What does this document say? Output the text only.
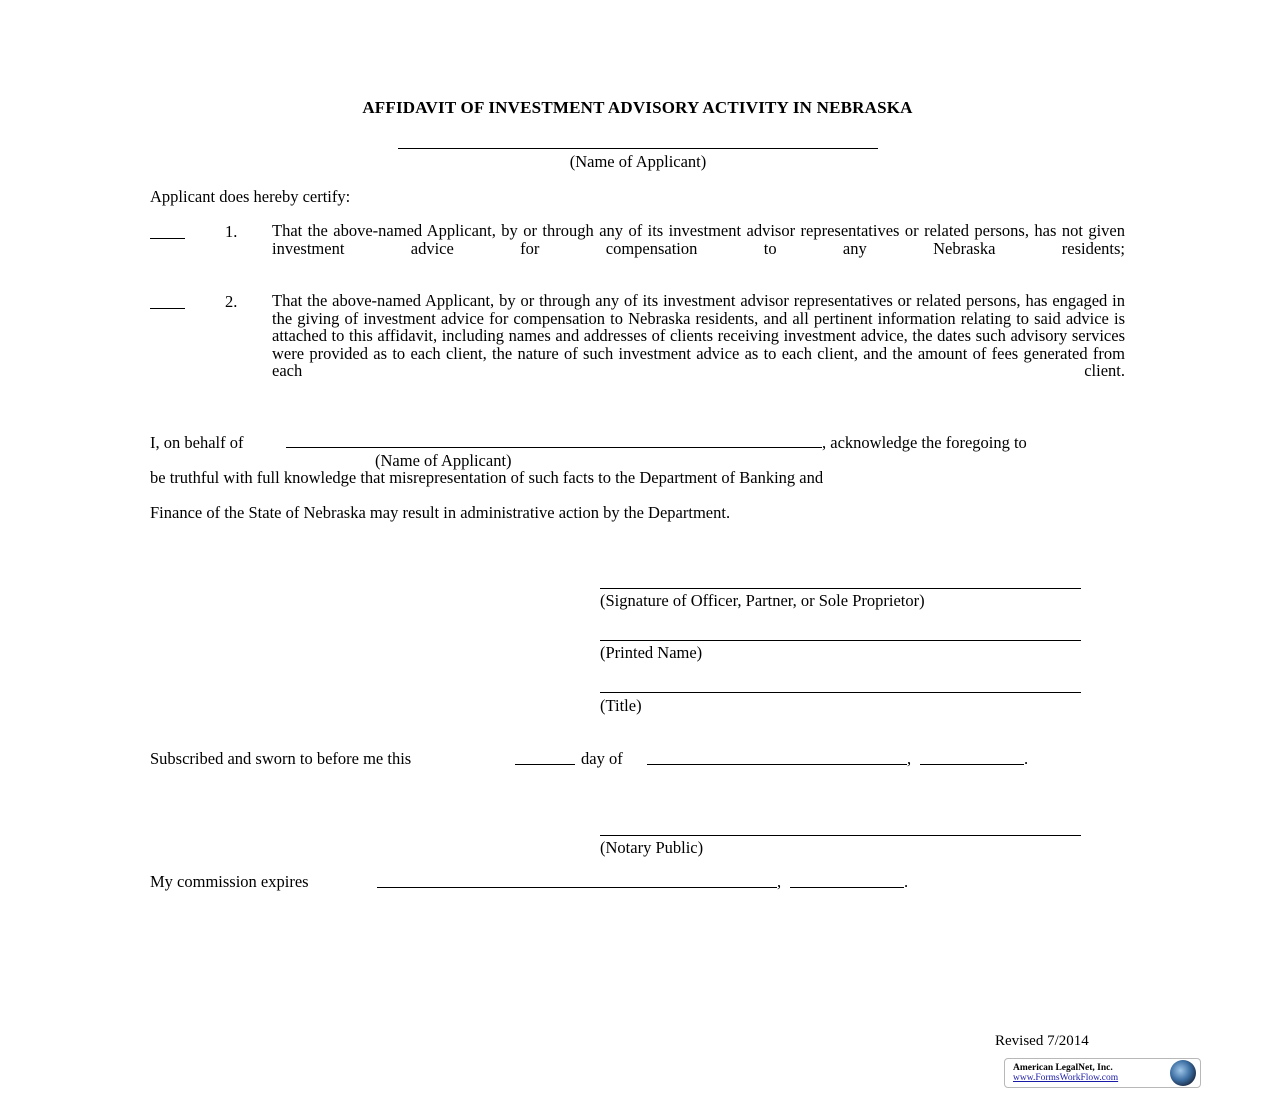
AFFIDAVIT OF INVESTMENT ADVISORY ACTIVITY IN NEBRASKA
(Name of Applicant)
Applicant does hereby certify:
1. That the above-named Applicant, by or through any of its investment advisor representatives or related persons, has not given investment advice for compensation to any Nebraska residents;
2. That the above-named Applicant, by or through any of its investment advisor representatives or related persons, has engaged in the giving of investment advice for compensation to Nebraska residents, and all pertinent information relating to said advice is attached to this affidavit, including names and addresses of clients receiving investment advice, the dates such advisory services were provided as to each client, the nature of such investment advice as to each client, and the amount of fees generated from each client.
I, on behalf of	, acknowledge the foregoing to
(Name of Applicant)
be truthful with full knowledge that misrepresentation of such facts to the Department of Banking and
Finance of the State of Nebraska may result in administrative action by the Department.
(Signature of Officer, Partner, or Sole Proprietor)
(Printed Name)
(Title)
Subscribed and sworn to before me this	day of	,	.
(Notary Public)
My commission expires	,	.
Revised 7/2014
American LegalNet, Inc.
www.FormsWorkFlow.com
